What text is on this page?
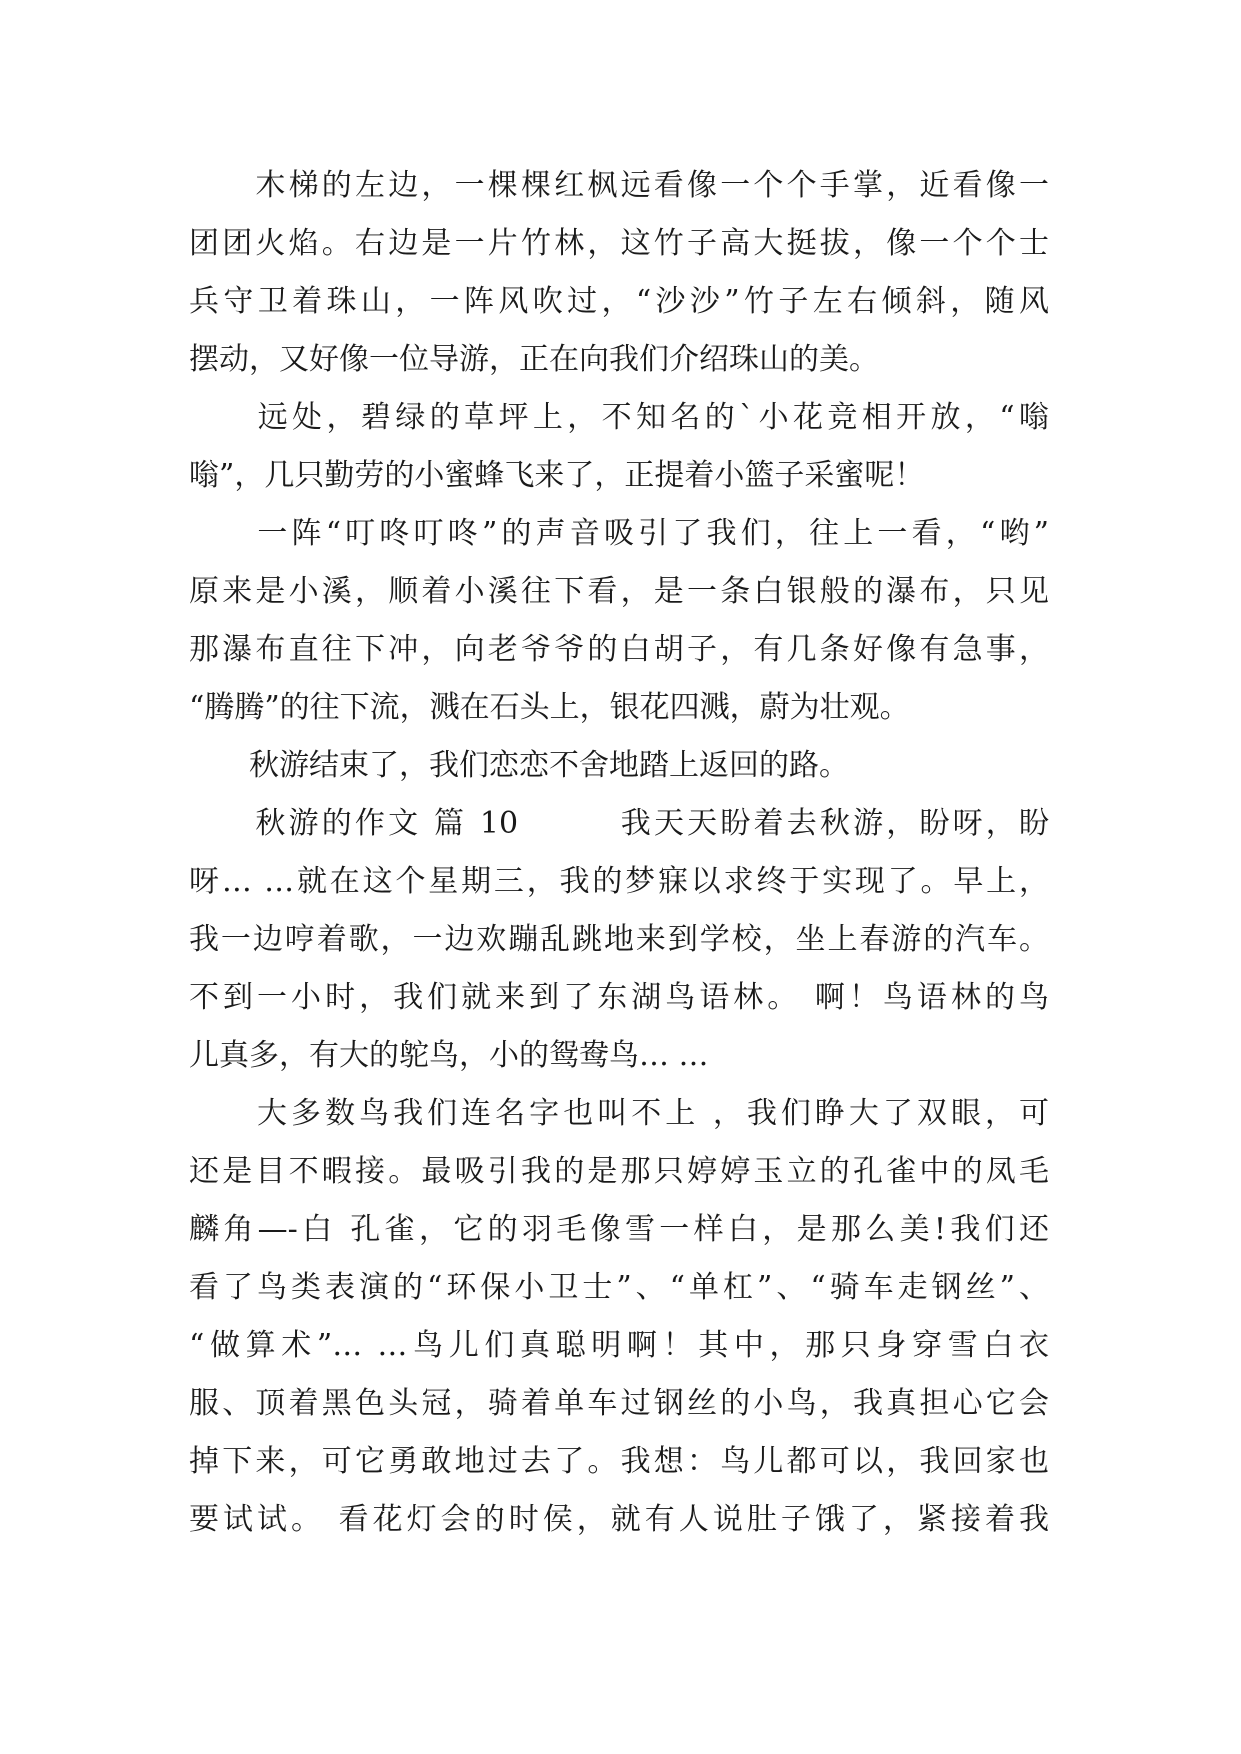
　　木梯的左边，一棵棵红枫远看像一个个手掌，近看像一
团团火焰。右边是一片竹林，这竹子高大挺拔，像一个个士
兵守卫着珠山，一阵风吹过，“沙沙”竹子左右倾斜，随风
摆动，又好像一位导游，正在向我们介绍珠山的美。
　　远处，碧绿的草坪上，不知名的`小花竞相开放，“嗡
嗡”，几只勤劳的小蜜蜂飞来了，正提着小篮子采蜜呢！
　　一阵“叮咚叮咚”的声音吸引了我们，往上一看，“哟”
原来是小溪，顺着小溪往下看，是一条白银般的瀑布，只见
那瀑布直往下冲，向老爷爷的白胡子，有几条好像有急事，
“腾腾”的往下流，溅在石头上，银花四溅，蔚为壮观。
　　秋游结束了，我们恋恋不舍地踏上返回的路。
　　秋游的作文 篇 10　　　我天天盼着去秋游，盼呀，盼
呀… …就在这个星期三，我的梦寐以求终于实现了。早上，
我一边哼着歌，一边欢蹦乱跳地来到学校，坐上春游的汽车。
不到一小时，我们就来到了东湖鸟语林。 啊！鸟语林的鸟
儿真多，有大的鸵鸟，小的鸳鸯鸟… …
　　大多数鸟我们连名字也叫不上 ，我们睁大了双眼，可
还是目不暇接。最吸引我的是那只婷婷玉立的孔雀中的凤毛
麟角—-白 孔雀，它的羽毛像雪一样白，是那么美!我们还
看了鸟类表演的“环保小卫士”、“单杠”、“骑车走钢丝”、
“做算术”… …鸟儿们真聪明啊！其中，那只身穿雪白衣
服、顶着黑色头冠，骑着单车过钢丝的小鸟，我真担心它会
掉下来，可它勇敢地过去了。我想：鸟儿都可以，我回家也
要试试。 看花灯会的时侯，就有人说肚子饿了，紧接着我
